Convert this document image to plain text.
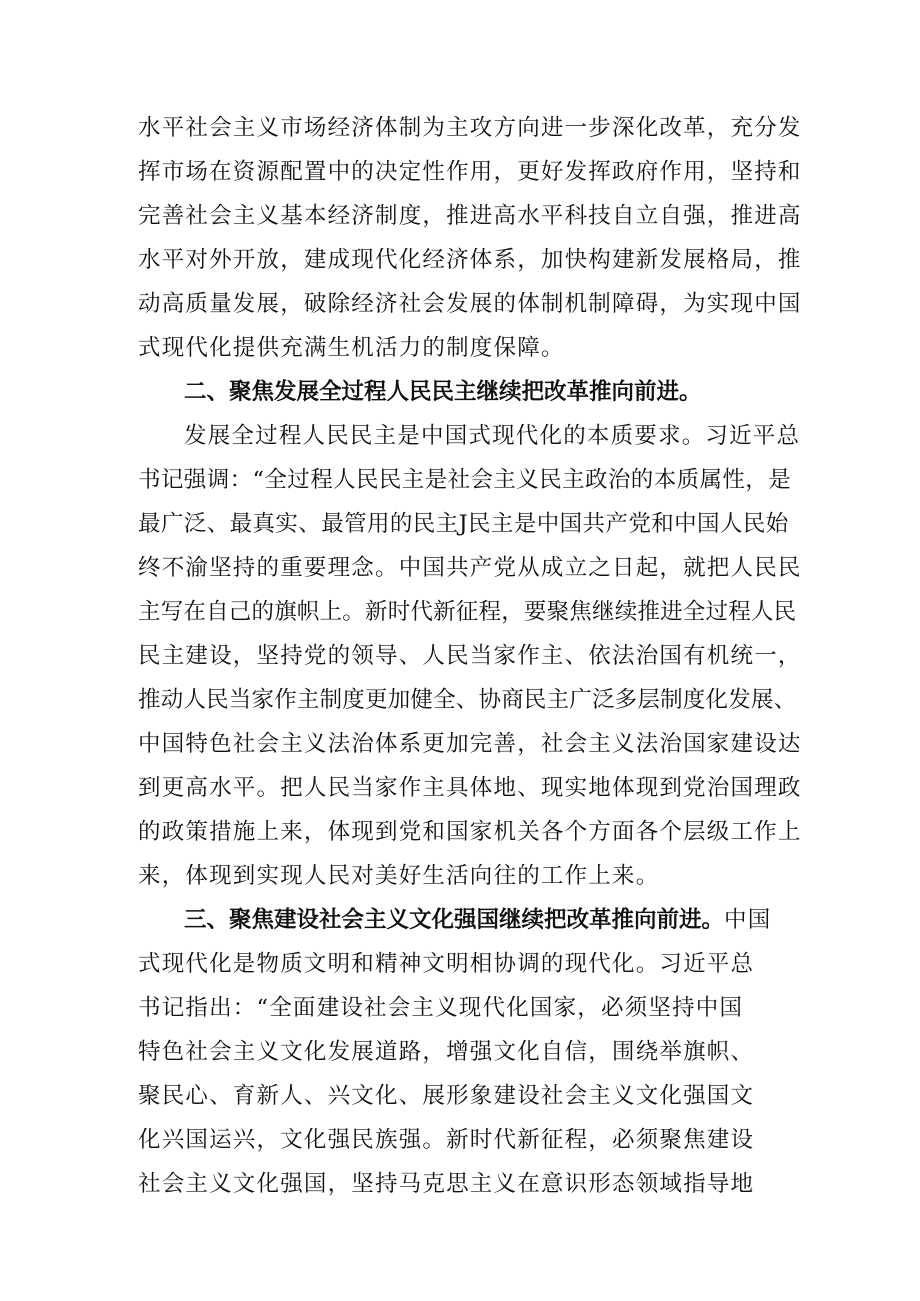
水平社会主义市场经济体制为主攻方向进一步深化改革，充分发
挥市场在资源配置中的决定性作用，更好发挥政府作用，坚持和
完善社会主义基本经济制度，推进高水平科技自立自强，推进高
水平对外开放，建成现代化经济体系，加快构建新发展格局，推
动高质量发展，破除经济社会发展的体制机制障碍，为实现中国
式现代化提供充满生机活力的制度保障。
二、聚焦发展全过程人民民主继续把改革推向前进。
发展全过程人民民主是中国式现代化的本质要求。习近平总
书记强调：“全过程人民民主是社会主义民主政治的本质属性，是
最广泛、最真实、最管用的民主J民主是中国共产党和中国人民始
终不渝坚持的重要理念。中国共产党从成立之日起，就把人民民
主写在自己的旗帜上。新时代新征程，要聚焦继续推进全过程人民
民主建设，坚持党的领导、人民当家作主、依法治国有机统一，
推动人民当家作主制度更加健全、协商民主广泛多层制度化发展、
中国特色社会主义法治体系更加完善，社会主义法治国家建设达
到更高水平。把人民当家作主具体地、现实地体现到党治国理政
的政策措施上来，体现到党和国家机关各个方面各个层级工作上
来，体现到实现人民对美好生活向往的工作上来。
三、聚焦建设社会主义文化强国继续把改革推向前进。中国
式现代化是物质文明和精神文明相协调的现代化。习近平总
书记指出：“全面建设社会主义现代化国家，必须坚持中国
特色社会主义文化发展道路，增强文化自信，围绕举旗帜、
聚民心、育新人、兴文化、展形象建设社会主义文化强国文
化兴国运兴，文化强民族强。新时代新征程，必须聚焦建设
社会主义文化强国，坚持马克思主义在意识形态领域指导地
